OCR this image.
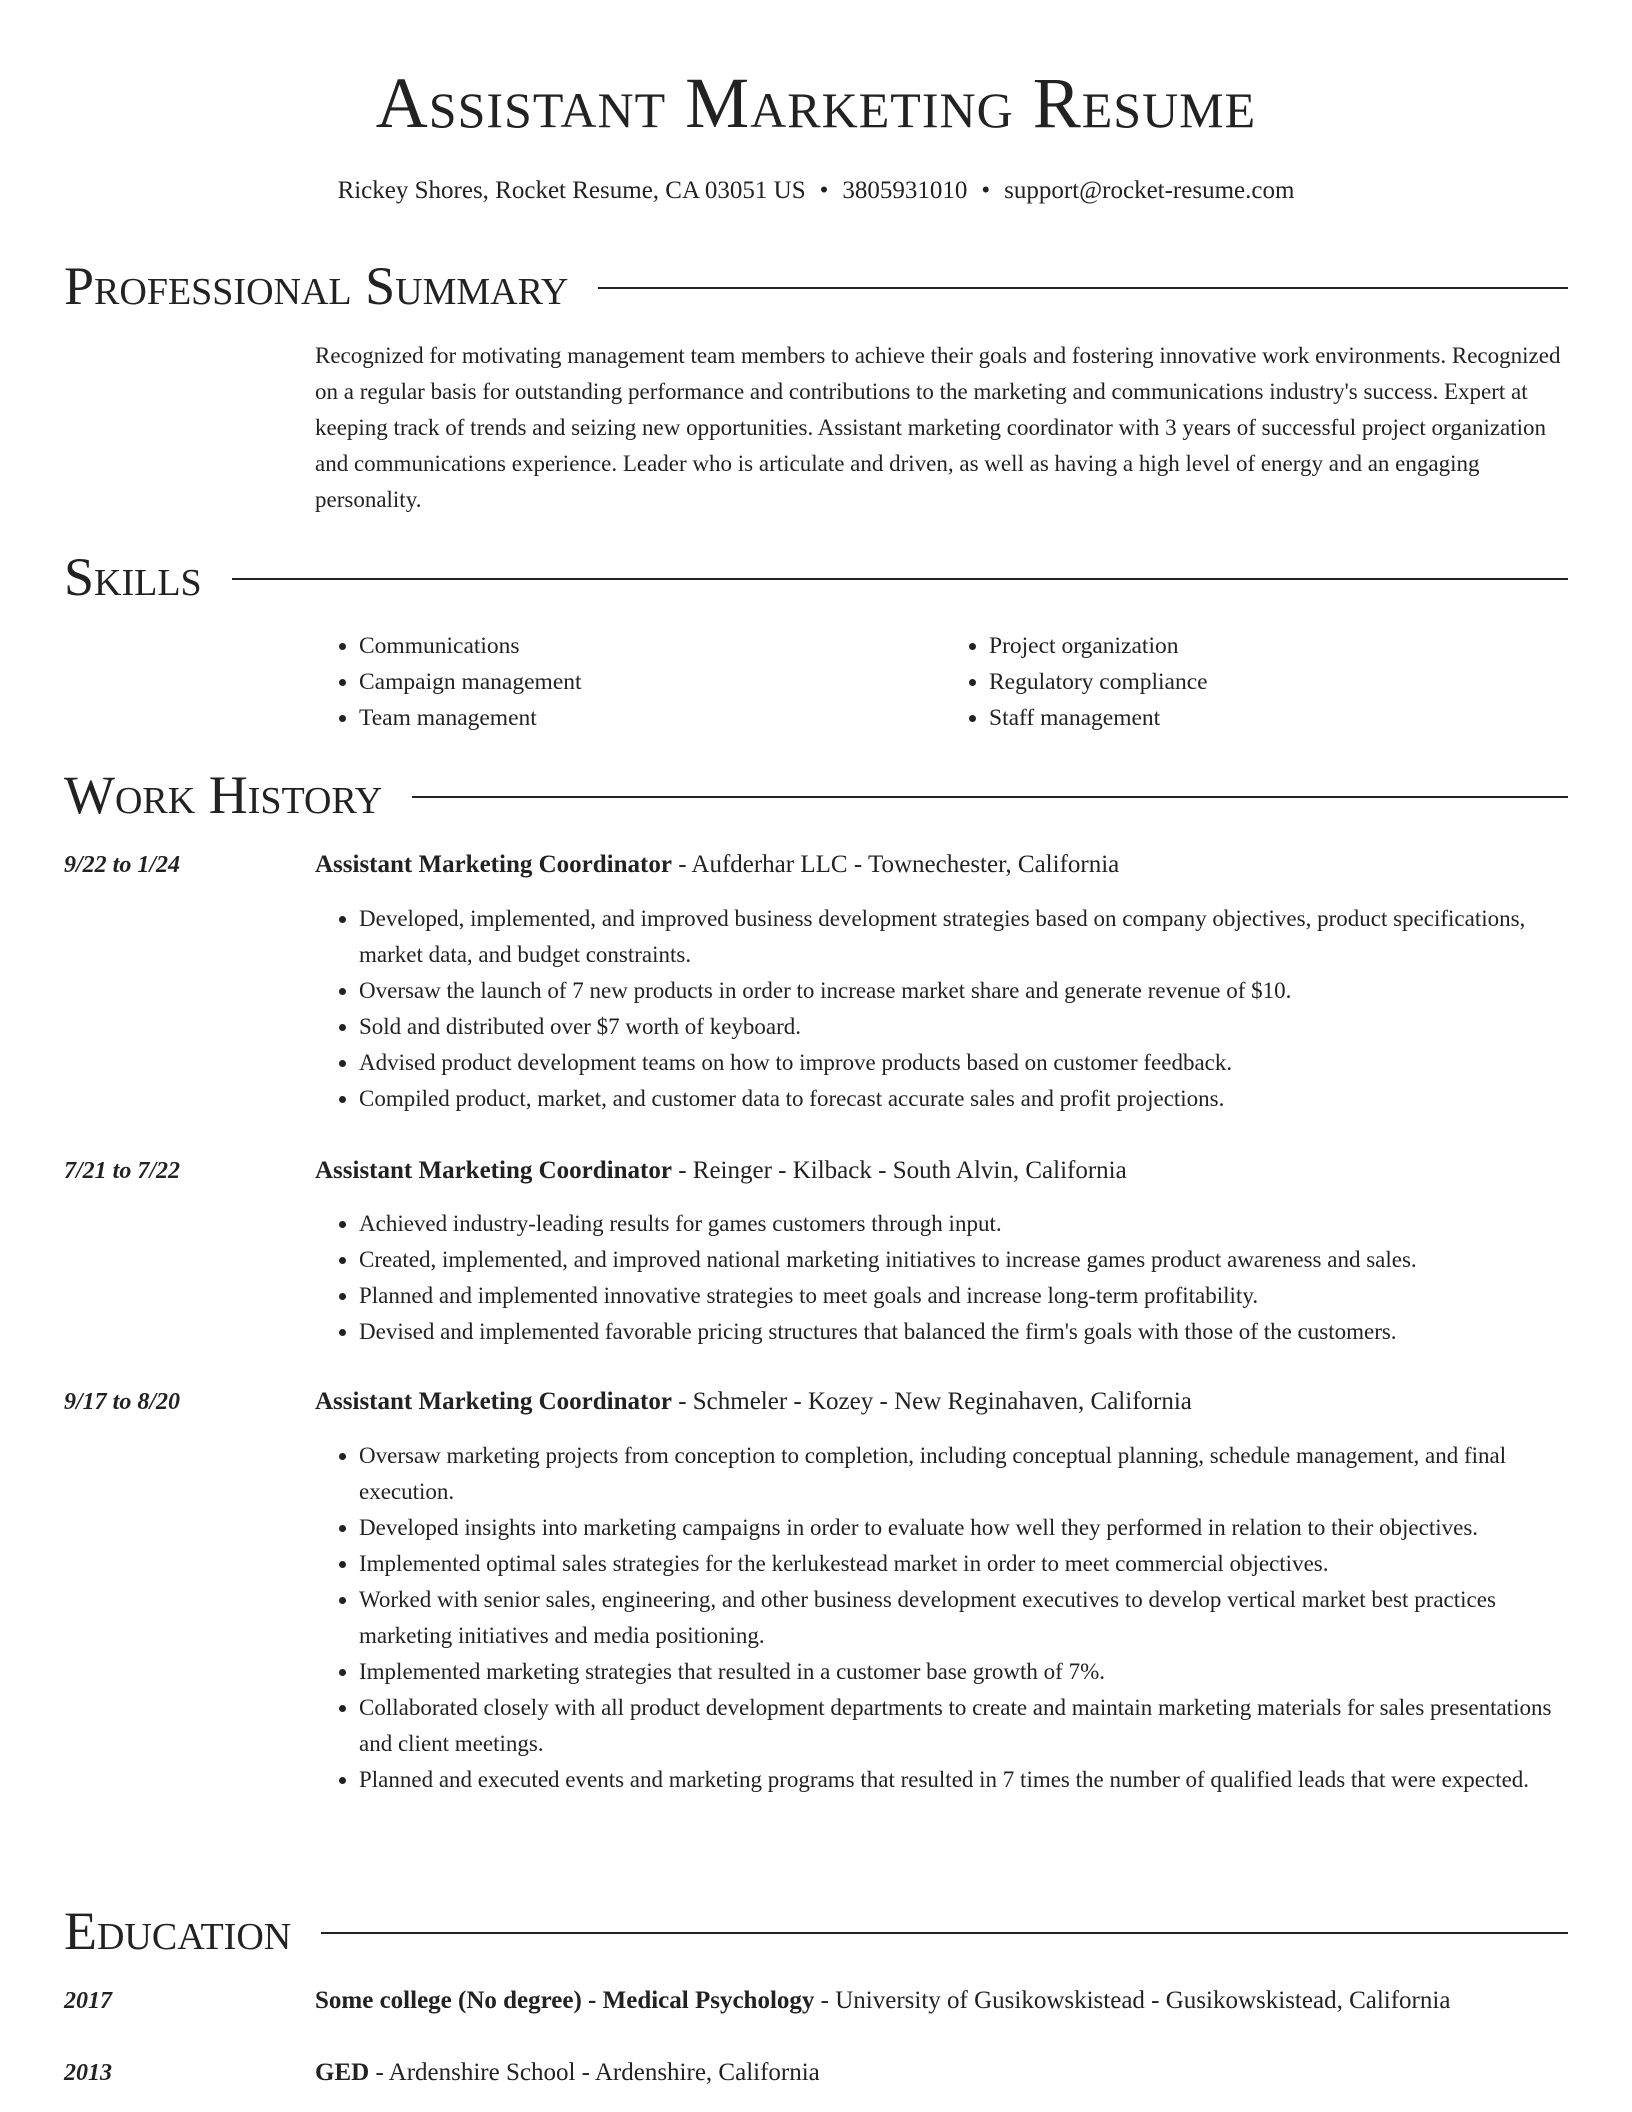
Assistant Marketing Resume
Rickey Shores, Rocket Resume, CA 03051 US • 3805931010 • support@rocket-resume.com
Professional Summary

Recognized for motivating management team members to achieve their goals and fostering innovative work environments. Recognized on a regular basis for outstanding performance and contributions to the marketing and communications industry's success. Expert at keeping track of trends and seizing new opportunities. Assistant marketing coordinator with 3 years of successful project organization and communications experience. Leader who is articulate and driven, as well as having a high level of energy and an engaging personality.

Skills
• Communications
• Campaign management
• Team management
• Project organization
• Regulatory compliance
• Staff management
Work History
9/22 to 1/24	Assistant Marketing Coordinator - Aufderhar LLC - Townechester, California
• Developed, implemented, and improved business development strategies based on company objectives, product specifications, market data, and budget constraints.
• Oversaw the launch of 7 new products in order to increase market share and generate revenue of $10.
• Sold and distributed over $7 worth of keyboard.
• Advised product development teams on how to improve products based on customer feedback.
• Compiled product, market, and customer data to forecast accurate sales and profit projections.
7/21 to 7/22	Assistant Marketing Coordinator - Reinger - Kilback - South Alvin, California
• Achieved industry-leading results for games customers through input.
• Created, implemented, and improved national marketing initiatives to increase games product awareness and sales.
• Planned and implemented innovative strategies to meet goals and increase long-term profitability.
• Devised and implemented favorable pricing structures that balanced the firm's goals with those of the customers.
9/17 to 8/20	Assistant Marketing Coordinator - Schmeler - Kozey - New Reginahaven, California
• Oversaw marketing projects from conception to completion, including conceptual planning, schedule management, and final execution.
• Developed insights into marketing campaigns in order to evaluate how well they performed in relation to their objectives.
• Implemented optimal sales strategies for the kerlukestead market in order to meet commercial objectives.
• Worked with senior sales, engineering, and other business development executives to develop vertical market best practices marketing initiatives and media positioning.
• Implemented marketing strategies that resulted in a customer base growth of 7%.
• Collaborated closely with all product development departments to create and maintain marketing materials for sales presentations and client meetings.
• Planned and executed events and marketing programs that resulted in 7 times the number of qualified leads that were expected.
Education
2017	Some college (No degree) - Medical Psychology - University of Gusikowskistead - Gusikowskistead, California
2013	GED - Ardenshire School - Ardenshire, California
